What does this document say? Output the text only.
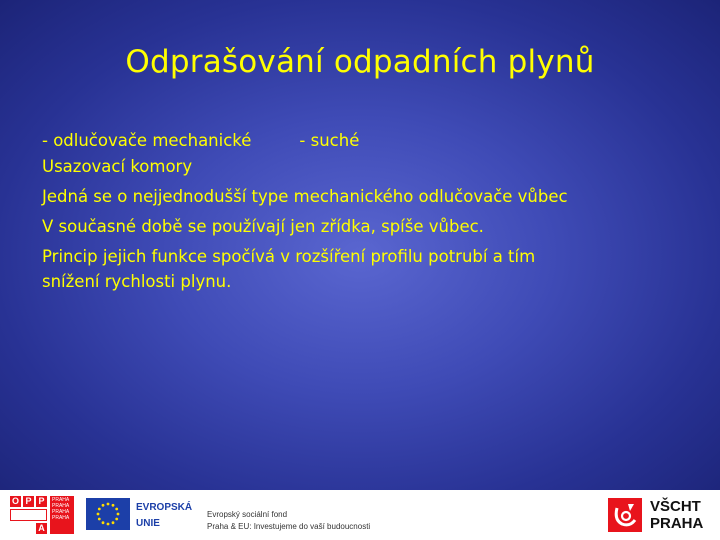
Odprašování odpadních plynů
- odlučovače mechanické	- suché
Usazovací komory
Jedná se o nejjednodušší type mechanického odlučovače vůbec
V současné době se používají jen zřídka, spíše vůbec.
Princip jejich funkce spočívá v rozšíření profilu potrubí a tím
snížení rychlosti plynu.
O P P
A
PRAHA
PRAHA
PRAHA
PRAHA
EVROPSKÁ
UNIE
Evropský sociální fond
Praha & EU: Investujeme do vaší budoucnosti
VŠCHT
PRAHA
